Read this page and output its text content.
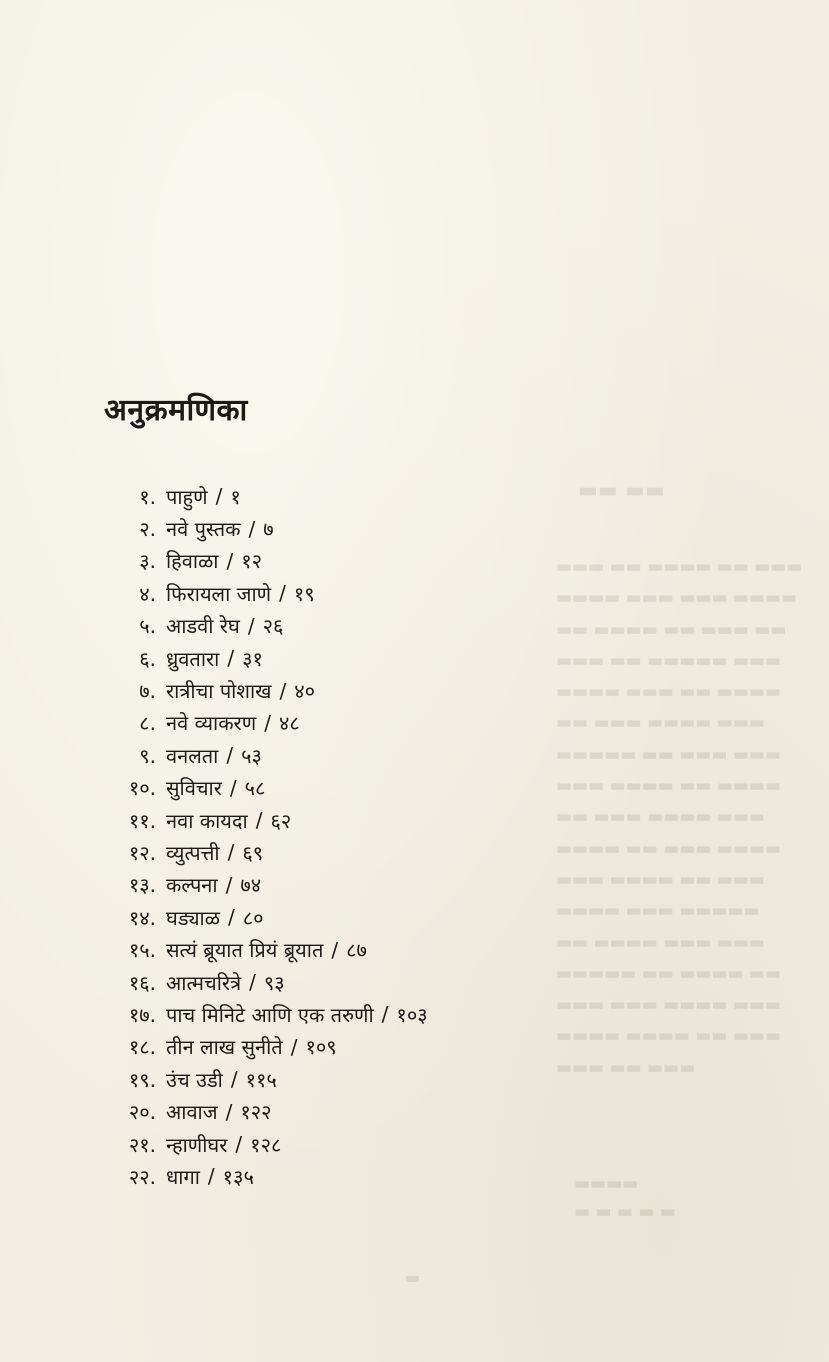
▬▬ ▬▬
▬▬▬ ▬▬ ▬▬▬▬ ▬▬ ▬▬▬
▬▬▬▬ ▬▬▬ ▬▬▬ ▬▬▬▬
▬▬ ▬▬▬▬ ▬▬ ▬▬▬ ▬▬
▬▬▬ ▬▬ ▬▬▬▬▬ ▬▬▬
▬▬▬▬ ▬▬▬ ▬▬ ▬▬▬▬
▬▬ ▬▬▬ ▬▬▬▬ ▬▬▬
▬▬▬▬▬ ▬▬ ▬▬▬ ▬▬▬
▬▬▬ ▬▬▬▬ ▬▬ ▬▬▬▬
▬▬ ▬▬▬ ▬▬▬▬ ▬▬▬
▬▬▬▬ ▬▬ ▬▬▬ ▬▬▬▬
▬▬▬ ▬▬▬▬ ▬▬ ▬▬▬
▬▬▬▬ ▬▬▬ ▬▬▬▬▬
▬▬ ▬▬▬▬ ▬▬▬ ▬▬▬
▬▬▬▬▬ ▬▬ ▬▬▬▬ ▬▬
▬▬▬ ▬▬▬ ▬▬▬▬ ▬▬▬
▬▬▬▬ ▬▬▬▬ ▬▬ ▬▬▬
▬▬▬ ▬▬ ▬▬▬
▬▬▬▬
▬ ▬ ▬ ▬ ▬
▬
अनुक्रमणिका
१. पाहुणे / १
२. नवे पुस्तक / ७
३. हिवाळा / १२
४. फिरायला जाणे / १९
५. आडवी रेघ / २६
६. ध्रुवतारा / ३१
७. रात्रीचा पोशाख / ४०
८. नवे व्याकरण / ४८
९. वनलता / ५३
१०. सुविचार / ५८
११. नवा कायदा / ६२
१२. व्युत्पत्ती / ६९
१३. कल्पना / ७४
१४. घड्याळ / ८०
१५. सत्यं ब्रूयात प्रियं ब्रूयात / ८७
१६. आत्मचरित्रे / ९३
१७. पाच मिनिटे आणि एक तरुणी / १०३
१८. तीन लाख सुनीते / १०९
१९. उंच उडी / ११५
२०. आवाज / १२२
२१. न्हाणीघर / १२८
२२. धागा / १३५
